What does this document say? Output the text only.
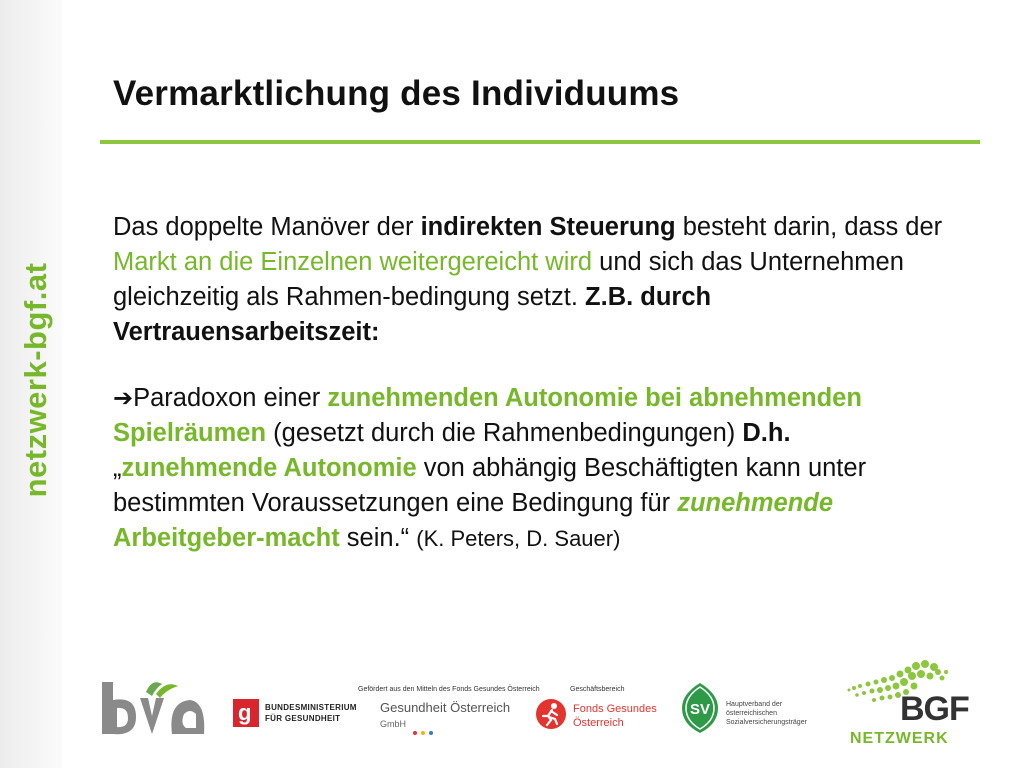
netzwerk-bgf.at
Vermarktlichung des Individuums

Das doppelte Manöver der indirekten Steuerung besteht darin, dass der Markt an die Einzelnen weitergereicht wird und sich das Unternehmen gleichzeitig als Rahmen-bedingung setzt. Z.B. durch Vertrauensarbeitszeit:

➔Paradoxon einer zunehmenden Autonomie bei abnehmenden Spielräumen (gesetzt durch die Rahmenbedingungen) D.h. „zunehmende Autonomie von abhängig Beschäftigten kann unter bestimmten Voraussetzungen eine Bedingung für zunehmende Arbeitgeber-macht sein.“ (K. Peters, D. Sauer)

g BUNDESMINISTERIUM
FÜR GESUNDHEIT
Gefördert aus den Mitteln des Fonds Gesundes Österreich
Gesundheit Österreich
GmbH
Geschäftsbereich
Fonds Gesundes
Österreich
SV Hauptverband der
österreichischen
Sozialversicherungsträger	BGF
NETZWERK
